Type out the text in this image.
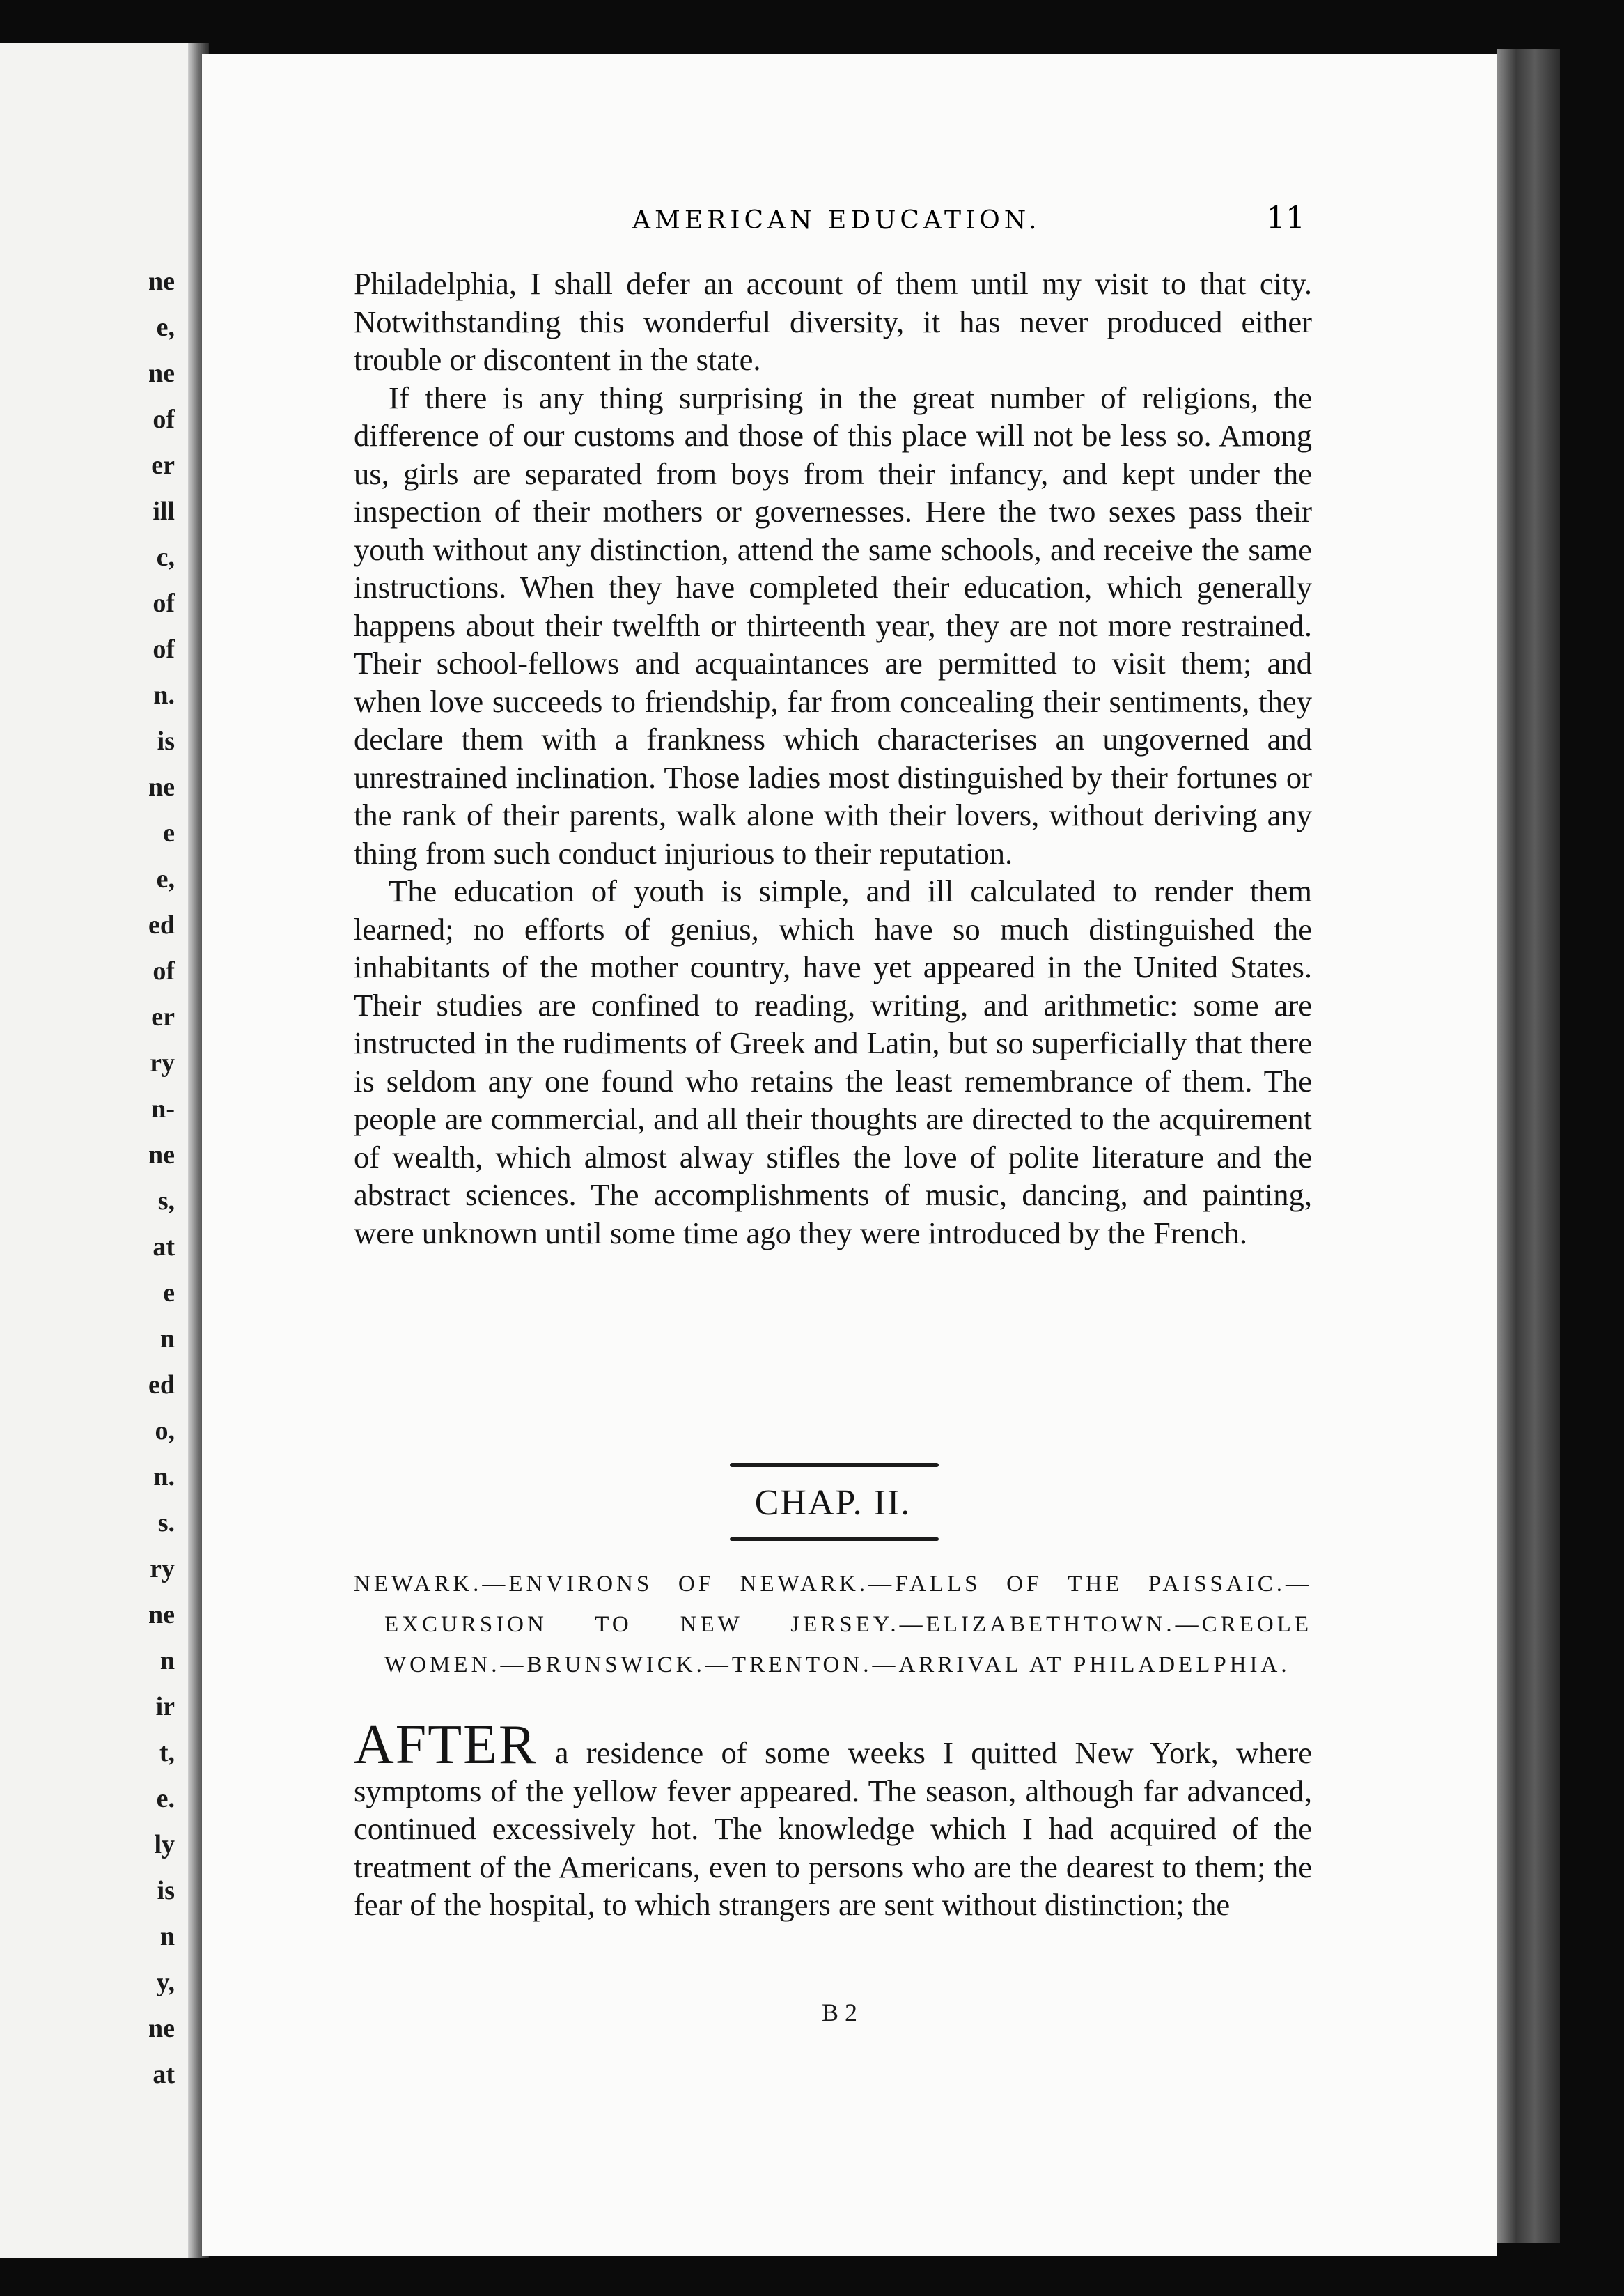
ne
e,
ne
of
er
ill
c,
of
of
n.
is
ne
e
e,
ed
of
er
ry
n-
ne
s,
at
e
n
ed
o,
n.
s.
ry
ne
n
ir
t,
e.
ly
is
n
y,
ne
at
AMERICAN EDUCATION.	11

Philadelphia, I shall defer an account of them until my visit to that city. Notwithstanding this wonderful diversity, it has never produced either trouble or discontent in the state.

If there is any thing surprising in the great number of religions, the difference of our customs and those of this place will not be less so. Among us, girls are separated from boys from their infancy, and kept under the inspection of their mothers or governesses. Here the two sexes pass their youth without any distinction, attend the same schools, and receive the same instructions. When they have completed their education, which generally happens about their twelfth or thirteenth year, they are not more restrained. Their school-fellows and acquaintances are permitted to visit them; and when love succeeds to friendship, far from concealing their sentiments, they declare them with a frankness which characterises an ungoverned and unrestrained inclination. Those ladies most distinguished by their fortunes or the rank of their parents, walk alone with their lovers, without deriving any thing from such conduct injurious to their reputation.

The education of youth is simple, and ill calculated to render them learned; no efforts of genius, which have so much distinguished the inhabitants of the mother country, have yet appeared in the United States. Their studies are confined to reading, writing, and arithmetic: some are instructed in the rudiments of Greek and Latin, but so superficially that there is seldom any one found who retains the least remembrance of them. The people are commercial, and all their thoughts are directed to the acquirement of wealth, which almost alway stifles the love of polite literature and the abstract sciences. The accomplishments of music, dancing, and painting, were unknown until some time ago they were introduced by the French.

CHAP. II.
NEWARK.—ENVIRONS OF NEWARK.—FALLS OF THE PAISSAIC.—EXCURSION TO NEW JERSEY.—ELIZABETHTOWN.—CREOLE WOMEN.—BRUNSWICK.—TRENTON.—ARRIVAL AT PHILADELPHIA.
AFTER a residence of some weeks I quitted New York, where symptoms of the yellow fever appeared. The season, although far advanced, continued excessively hot. The knowledge which I had acquired of the treatment of the Americans, even to persons who are the dearest to them; the fear of the hospital, to which strangers are sent without distinction; the
B 2
